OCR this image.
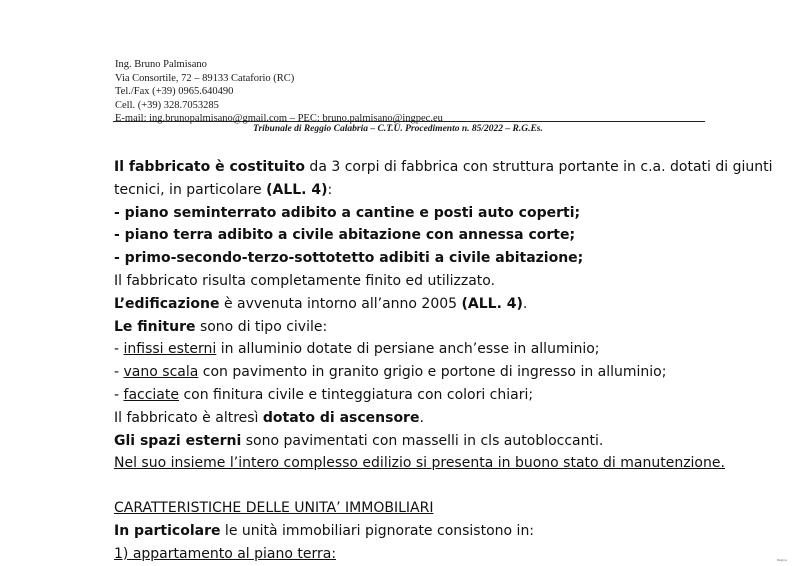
Ing. Bruno Palmisano
Via Consortile, 72 – 89133 Cataforio (RC)
Tel./Fax (+39) 0965.640490
Cell. (+39) 328.7053285
E-mail: ing.brunopalmisano@gmail.com – PEC: bruno.palmisano@ingpec.eu
Tribunale di Reggio Calabria – C.T.U. Procedimento n. 85/2022 – R.G.Es.

Il fabbricato è costituito da 3 corpi di fabbrica con struttura portante in c.a. dotati di giunti

tecnici, in particolare (ALL. 4):

- piano seminterrato adibito a cantine e posti auto coperti;

- piano terra adibito a civile abitazione con annessa corte;

- primo-secondo-terzo-sottotetto adibiti a civile abitazione;

Il fabbricato risulta completamente finito ed utilizzato.

L’edificazione è avvenuta intorno all’anno 2005 (ALL. 4).

Le finiture sono di tipo civile:

- infissi esterni in alluminio dotate di persiane anch’esse in alluminio;

- vano scala con pavimento in granito grigio e portone di ingresso in alluminio;

- facciate con finitura civile e tinteggiatura con colori chiari;

Il fabbricato è altresì dotato di ascensore.

Gli spazi esterni sono pavimentati con masselli in cls autobloccanti.

Nel suo insieme l’intero complesso edilizio si presenta in buono stato di manutenzione.

CARATTERISTICHE DELLE UNITA’ IMMOBILIARI

In particolare le unità immobiliari pignorate consistono in:

1) appartamento al piano terra:	Pagina
